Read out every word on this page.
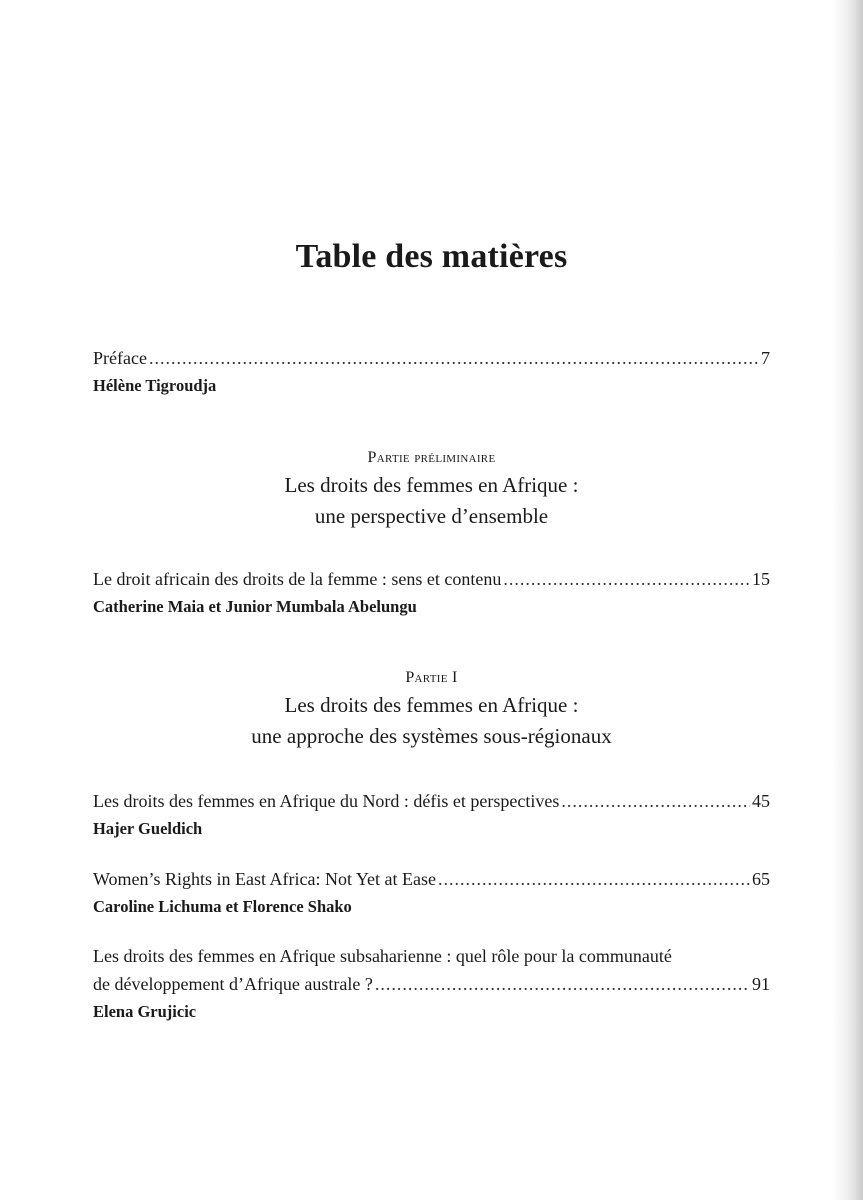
Table des matières
Préface .....	7
Hélène Tigroudja
Partie préliminaire
Les droits des femmes en Afrique :
une perspective d’ensemble
Le droit africain des droits de la femme : sens et contenu .....	15
Catherine Maia et Junior Mumbala Abelungu
Partie I
Les droits des femmes en Afrique :
une approche des systèmes sous-régionaux
Les droits des femmes en Afrique du Nord : défis et perspectives .....	45
Hajer Gueldich
Women’s Rights in East Africa: Not Yet at Ease .....	65
Caroline Lichuma et Florence Shako
Les droits des femmes en Afrique subsaharienne : quel rôle pour la communauté
de développement d’Afrique australe ? .....	91
Elena Grujicic
